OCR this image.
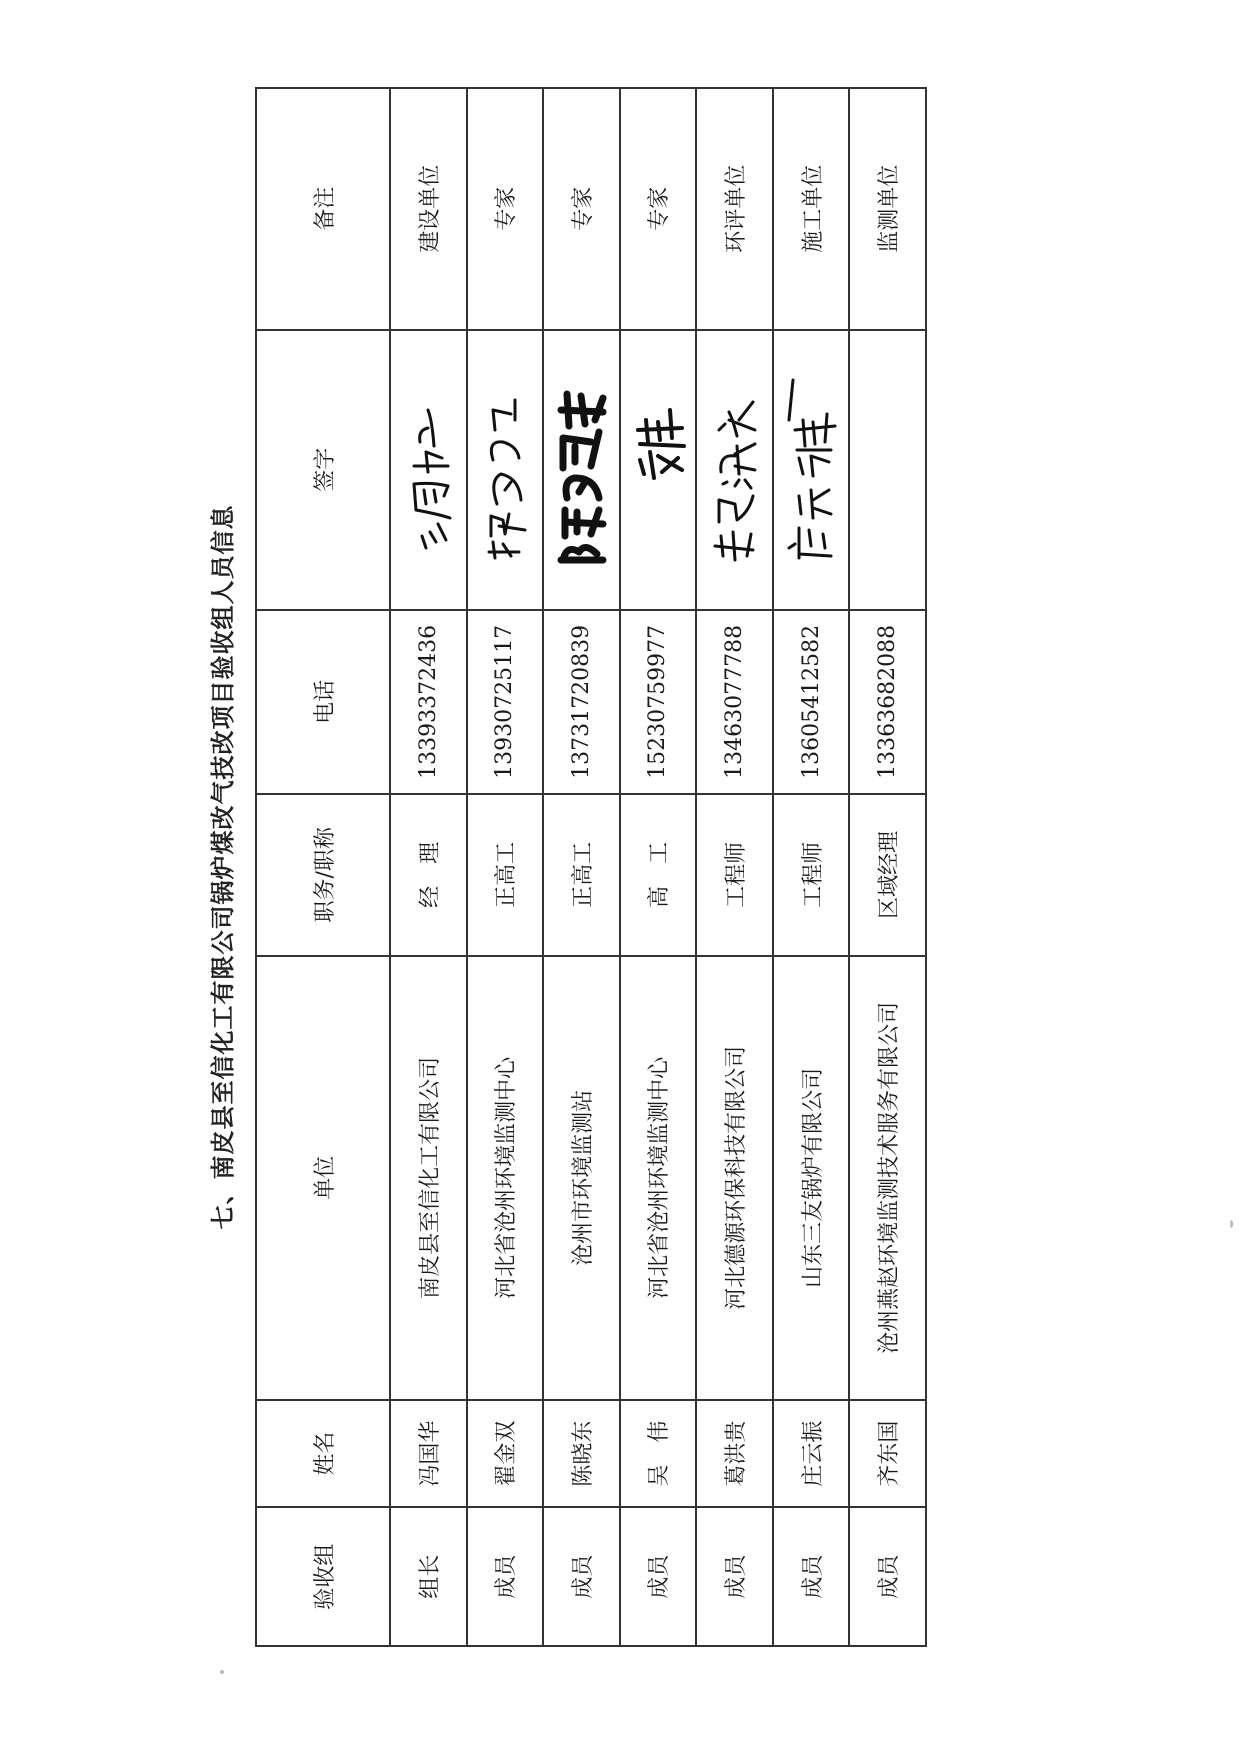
七、南皮县至信化工有限公司锅炉煤改气技改项目验收组人员信息
验收组	姓名	单位	职务/职称	电话	签字	备注
组长	冯国华	南皮县至信化工有限公司	经　理	13393372436		建设单位
成员	翟金双	河北省沧州环境监测中心	正高工	13930725117		专家
成员	陈晓东	沧州市环境监测站	正高工	13731720839		专家
成员	吴　伟	河北省沧州环境监测中心	高　工	15230759977		专家
成员	葛洪贵	河北德源环保科技有限公司	工程师	13463077788		环评单位
成员	庄云振	山东三友锅炉有限公司	工程师	13605412582		施工单位
成员	齐东国	沧州燕赵环境监测技术服务有限公司	区域经理	13363682088		监测单位
